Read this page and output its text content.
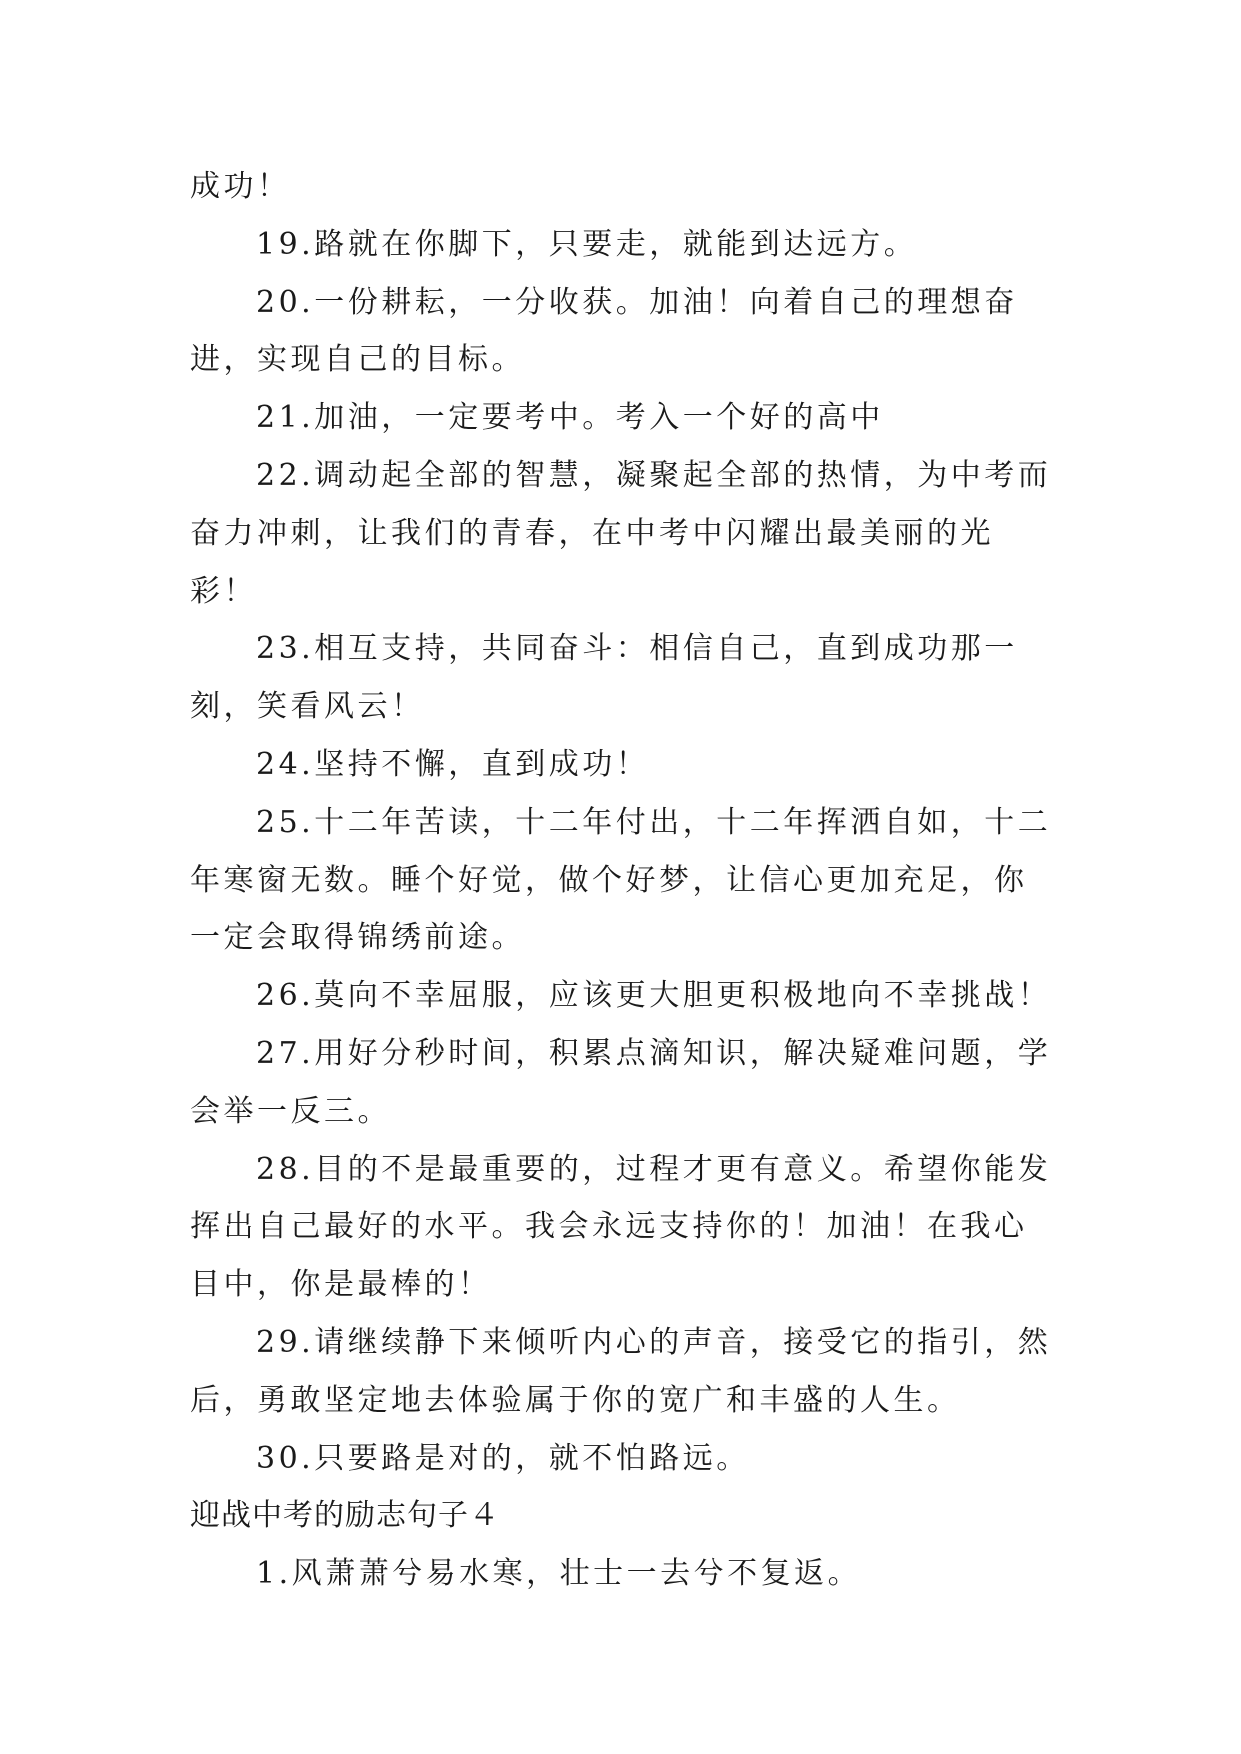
成功！

19.路就在你脚下，只要走，就能到达远方。

20.一份耕耘，一分收获。加油！向着自己的理想奋进，实现自己的目标。

21.加油，一定要考中。考入一个好的高中

22.调动起全部的智慧，凝聚起全部的热情，为中考而奋力冲刺，让我们的青春，在中考中闪耀出最美丽的光彩！

23.相互支持，共同奋斗：相信自己，直到成功那一刻，笑看风云！

24.坚持不懈，直到成功！

25.十二年苦读，十二年付出，十二年挥洒自如，十二年寒窗无数。睡个好觉，做个好梦，让信心更加充足，你一定会取得锦绣前途。

26.莫向不幸屈服，应该更大胆更积极地向不幸挑战！

27.用好分秒时间，积累点滴知识，解决疑难问题，学会举一反三。

28.目的不是最重要的，过程才更有意义。希望你能发挥出自己最好的水平。我会永远支持你的！加油！在我心目中，你是最棒的！

29.请继续静下来倾听内心的声音，接受它的指引，然后，勇敢坚定地去体验属于你的宽广和丰盛的人生。

30.只要路是对的，就不怕路远。

迎战中考的励志句子４

1.风萧萧兮易水寒，壮士一去兮不复返。
